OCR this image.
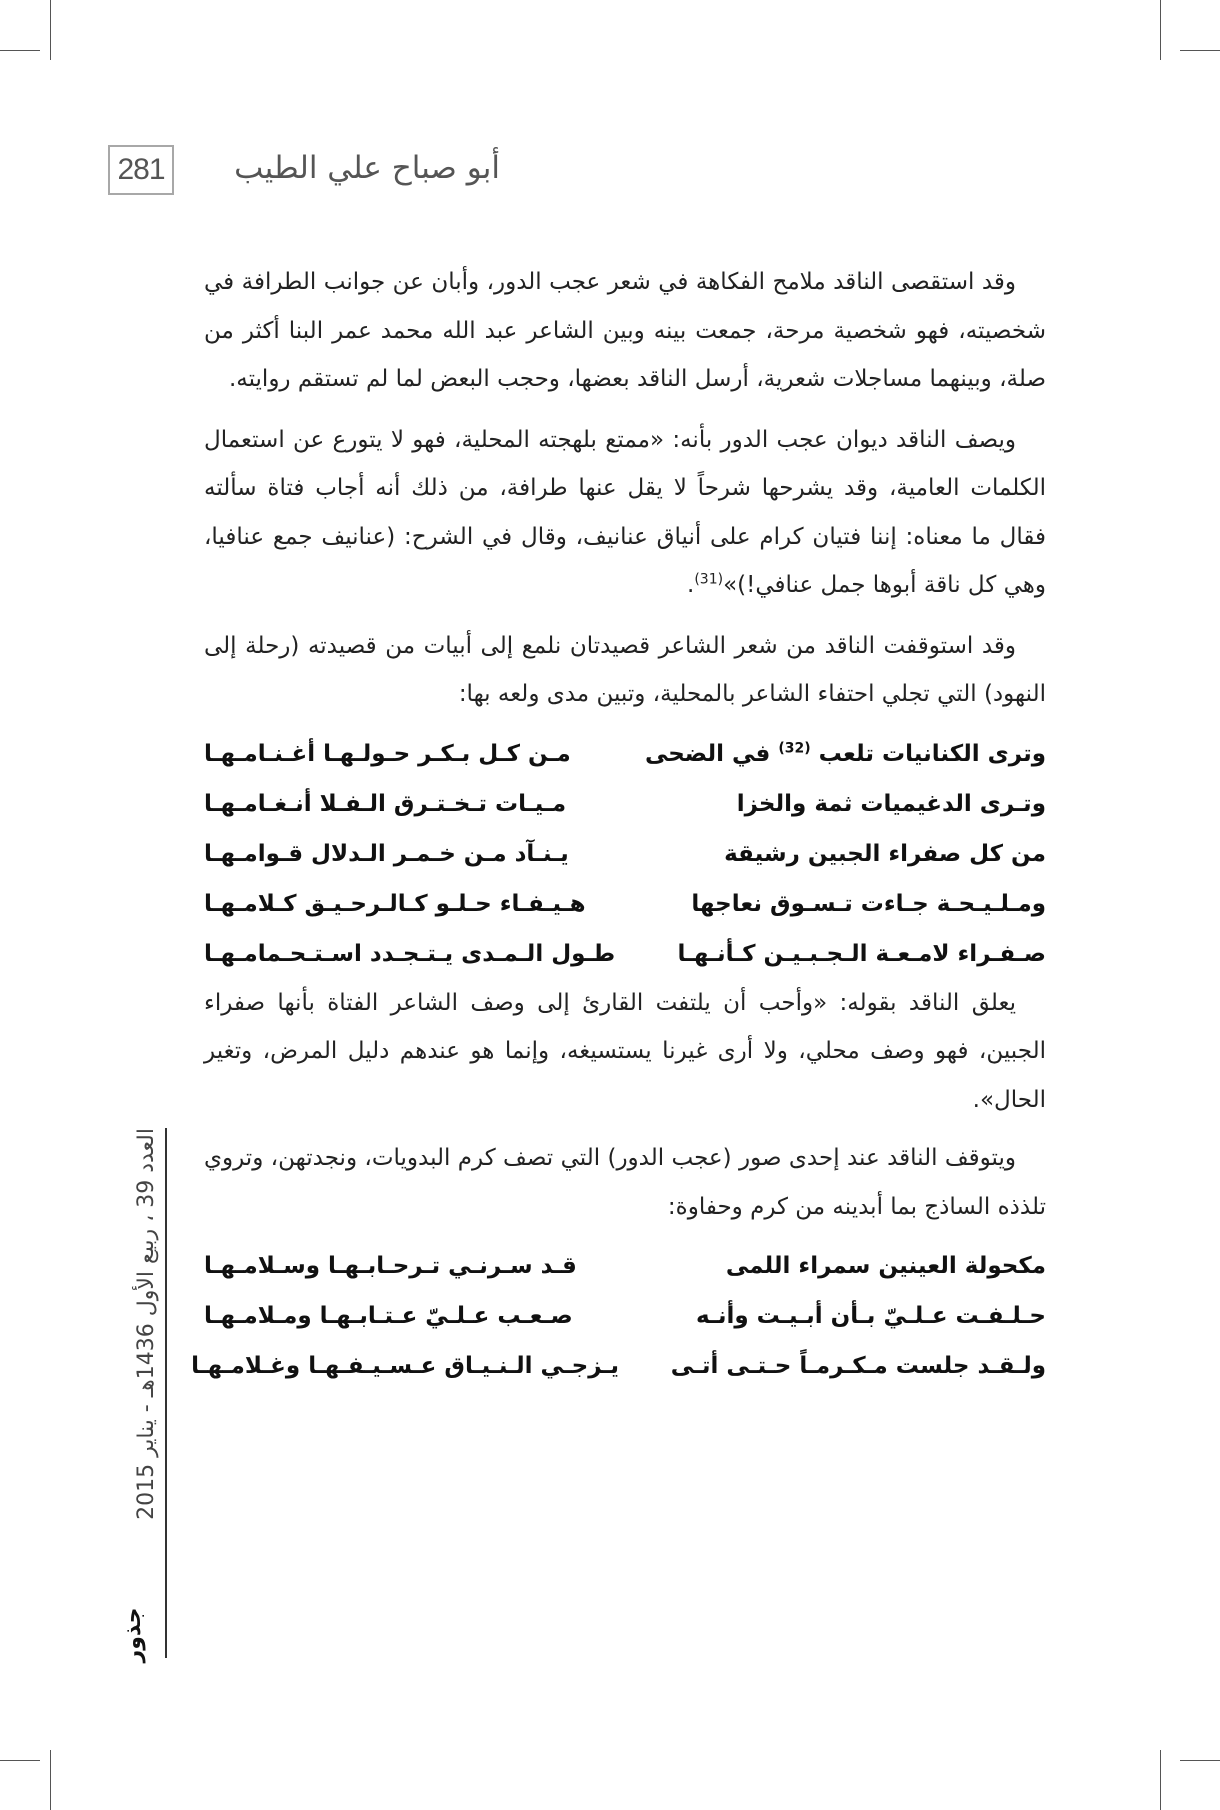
281	أبو صباح علي الطيب

وقد استقصى الناقد ملامح الفكاهة في شعر عجب الدور، وأبان عن جوانب الطرافة في شخصيته، فهو شخصية مرحة، جمعت بينه وبين الشاعر عبد الله محمد عمر البنا أكثر من صلة، وبينهما مساجلات شعرية، أرسل الناقد بعضها، وحجب البعض لما لم تستقم روايته.

ويصف الناقد ديوان عجب الدور بأنه: «ممتع بلهجته المحلية، فهو لا يتورع عن استعمال الكلمات العامية، وقد يشرحها شرحاً لا يقل عنها طرافة، من ذلك أنه أجاب فتاة سألته فقال ما معناه: إننا فتيان كرام على أنياق عنانيف، وقال في الشرح: (عنانيف جمع عنافيا، وهي كل ناقة أبوها جمل عنافي!)»$^{(31)}$.

وقد استوقفت الناقد من شعر الشاعر قصيدتان نلمع إلى أبيات من قصيدته (رحلة إلى النهود) التي تجلي احتفاء الشاعر بالمحلية، وتبين مدى ولعه بها:

وترى الكنانيات تلعب $^{(32)}$ في الضحى
مـن كـل بـكـر حـولـهـا أغـنـامـهـا
وتـرى الدغيميات ثمة والخزا
مـيـات تـخـتـرق الـفـلا أنـغـامـهـا
من كل صفراء الجبين رشيقة
يـنـآد مـن خـمـر الـدلال قـوامـهـا
ومـلـيـحـة جـاءت تـسـوق نعاجها
هـيـفـاء حـلـو كـالـرحـيـق كـلامـهـا
صـفـراء لامـعـة الـجـبـيـن كـأنـهـا
طـول الـمـدى يـتـجـدد اسـتـحـمامـهـا

يعلق الناقد بقوله: «وأحب أن يلتفت القارئ إلى وصف الشاعر الفتاة بأنها صفراء الجبين، فهو وصف محلي، ولا أرى غيرنا يستسيغه، وإنما هو عندهم دليل المرض، وتغير الحال».

ويتوقف الناقد عند إحدى صور (عجب الدور) التي تصف كرم البدويات، ونجدتهن، وتروي تلذذه الساذج بما أبدينه من كرم وحفاوة:

مكحولة العينين سمراء اللمى
قـد سـرنـي تـرحـابـهـا وسـلامـهـا
حـلـفـت عـلـيّ بـأن أبـيـت وأنـه
صـعـب عـلـيّ عـتـابـهـا ومـلامـهـا
ولـقـد جلست مـكـرمـاً حـتـى أتـى
يـزجـي الـنـيـاق عـسـيـفـهـا وغـلامـهـا
العدد 39 ، ربيع الأول 1436هـ - يناير 2015
جذور
